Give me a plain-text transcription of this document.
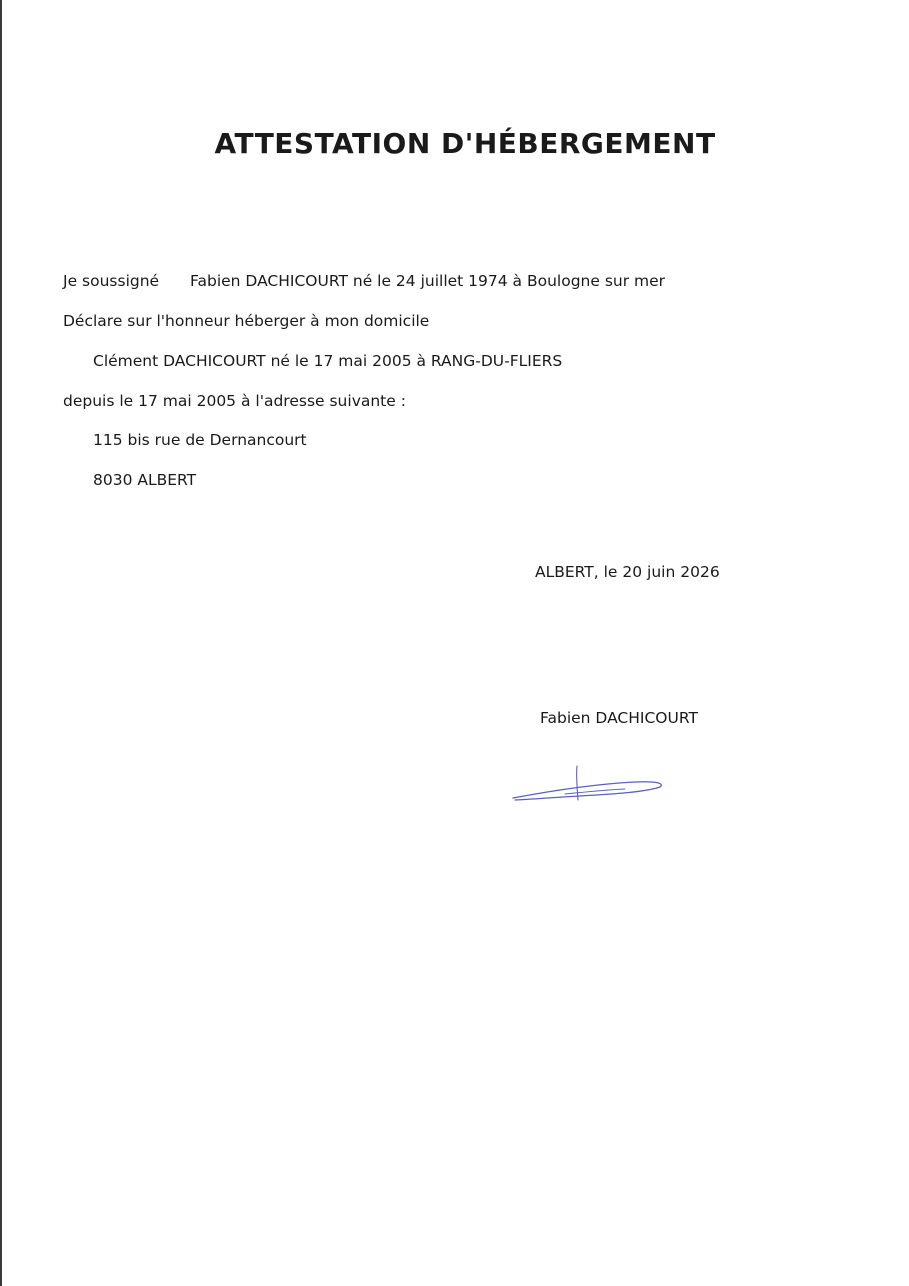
ATTESTATION D'HÉBERGEMENT
Je soussigné Fabien DACHICOURT né le 24 juillet 1974 à Boulogne sur mer
Déclare sur l'honneur héberger à mon domicile
Clément DACHICOURT né le 17 mai 2005 à RANG-DU-FLIERS
depuis le 17 mai 2005 à l'adresse suivante :
115 bis rue de Dernancourt
8030 ALBERT
ALBERT, le 20 juin 2026
Fabien DACHICOURT
